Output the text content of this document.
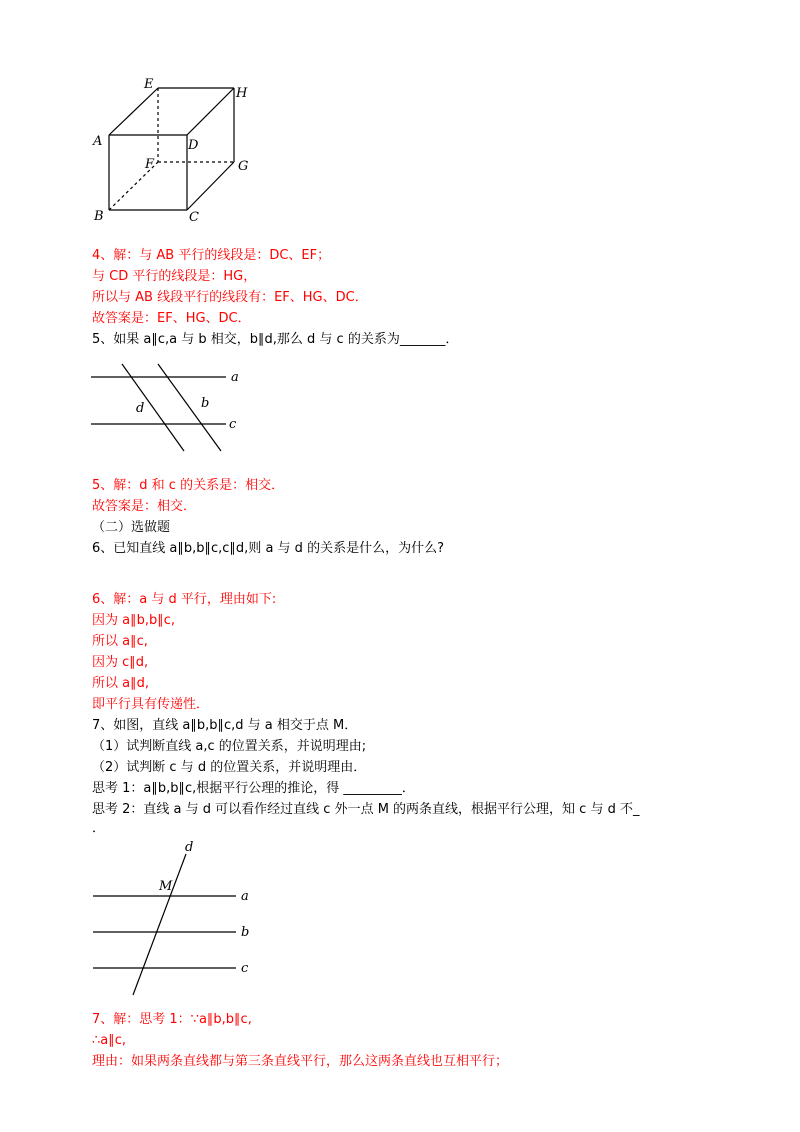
E
H
A	D
F	G
B	C
4、解：与 AB 平行的线段是：DC、EF；
与 CD 平行的线段是：HG，
所以与 AB 线段平行的线段有：EF、HG、DC．
故答案是：EF、HG、DC．
5、如果 a∥c,a 与 b 相交，b∥d,那么 d 与 c 的关系为_______．
a
d	b
c
5、解：d 和 c 的关系是：相交．
故答案是：相交．
（二）选做题
6、已知直线 a∥b,b∥c,c∥d,则 a 与 d 的关系是什么，为什么?
6、解：a 与 d 平行，理由如下:
因为 a∥b,b∥c,
所以 a∥c,
因为 c∥d,
所以 a∥d,
即平行具有传递性．
7、如图，直线 a∥b,b∥c,d 与 a 相交于点 M．
（1）试判断直线 a,c 的位置关系，并说明理由;
（2）试判断 c 与 d 的位置关系，并说明理由．
思考 1：a∥b,b∥c,根据平行公理的推论，得 _________．
思考 2：直线 a 与 d 可以看作经过直线 c 外一点 M 的两条直线，根据平行公理，知 c 与 d 不_
．
d
M
a
b
c
7、解：思考 1：∵a∥b,b∥c,
∴a∥c,
理由：如果两条直线都与第三条直线平行，那么这两条直线也互相平行；
